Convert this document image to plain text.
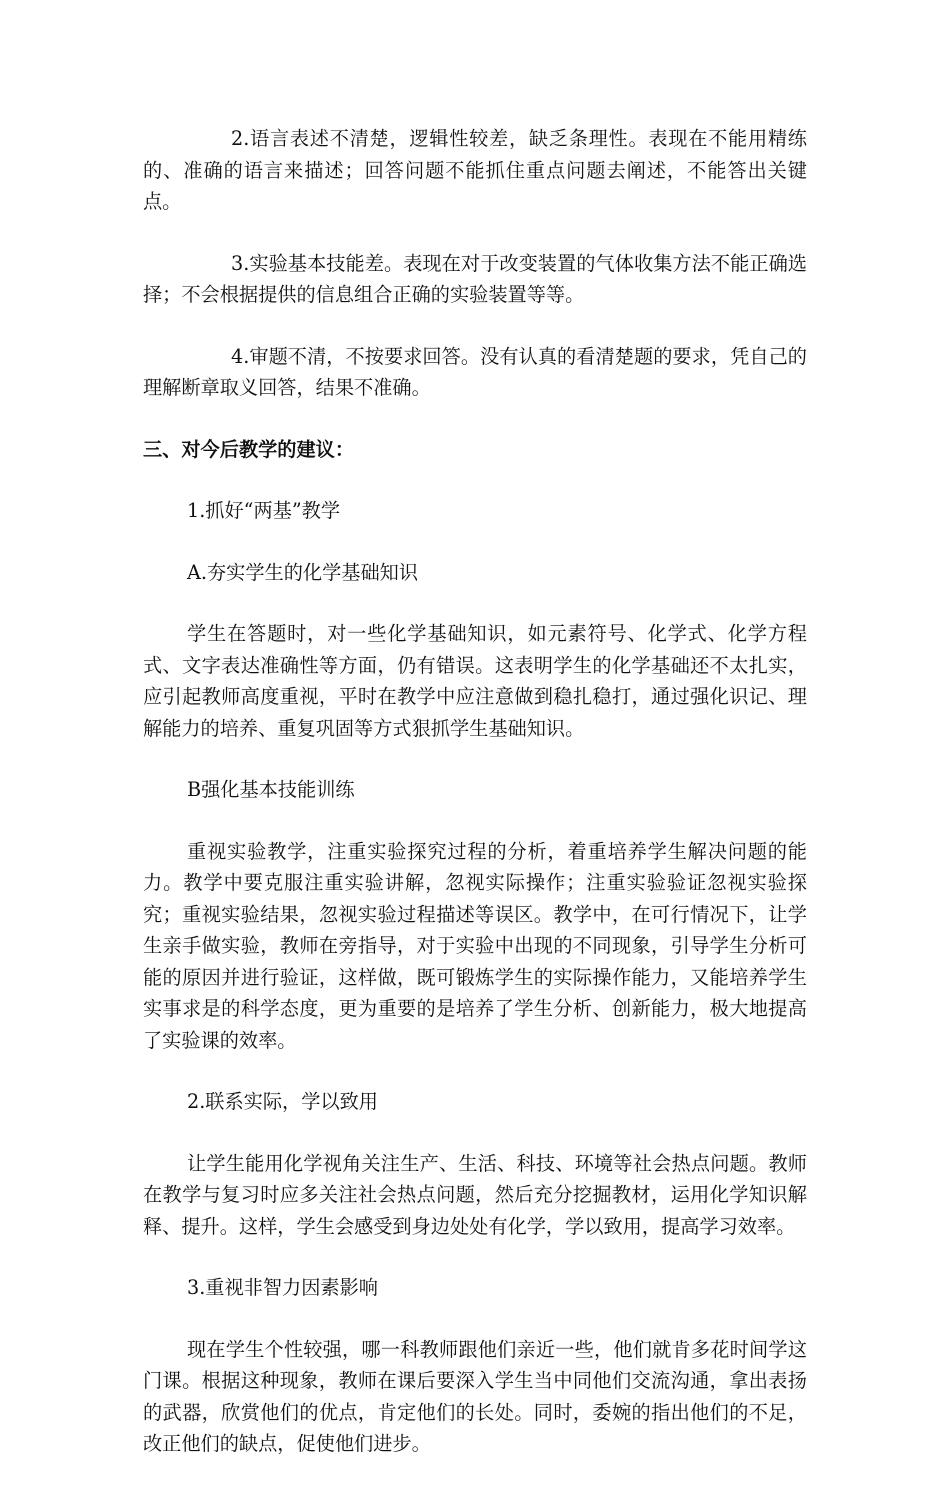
2.语言表述不清楚，逻辑性较差，缺乏条理性。表现在不能用精练的、准确的语言来描述；回答问题不能抓住重点问题去阐述，不能答出关键点。

3.实验基本技能差。表现在对于改变装置的气体收集方法不能正确选择；不会根据提供的信息组合正确的实验装置等等。

4.审题不清，不按要求回答。没有认真的看清楚题的要求，凭自己的理解断章取义回答，结果不准确。

三、对今后教学的建议：

1.抓好“两基”教学

A.夯实学生的化学基础知识

学生在答题时，对一些化学基础知识，如元素符号、化学式、化学方程式、文字表达准确性等方面，仍有错误。这表明学生的化学基础还不太扎实，应引起教师高度重视，平时在教学中应注意做到稳扎稳打，通过强化识记、理解能力的培养、重复巩固等方式狠抓学生基础知识。

B强化基本技能训练

重视实验教学，注重实验探究过程的分析，着重培养学生解决问题的能力。教学中要克服注重实验讲解，忽视实际操作；注重实验验证忽视实验探究；重视实验结果，忽视实验过程描述等误区。教学中，在可行情况下，让学生亲手做实验，教师在旁指导，对于实验中出现的不同现象，引导学生分析可能的原因并进行验证，这样做，既可锻炼学生的实际操作能力，又能培养学生实事求是的科学态度，更为重要的是培养了学生分析、创新能力，极大地提高了实验课的效率。

2.联系实际，学以致用

让学生能用化学视角关注生产、生活、科技、环境等社会热点问题。教师在教学与复习时应多关注社会热点问题，然后充分挖掘教材，运用化学知识解释、提升。这样，学生会感受到身边处处有化学，学以致用，提高学习效率。

3.重视非智力因素影响

现在学生个性较强，哪一科教师跟他们亲近一些，他们就肯多花时间学这门课。根据这种现象，教师在课后要深入学生当中同他们交流沟通，拿出表扬的武器，欣赏他们的优点，肯定他们的长处。同时，委婉的指出他们的不足，改正他们的缺点，促使他们进步。
